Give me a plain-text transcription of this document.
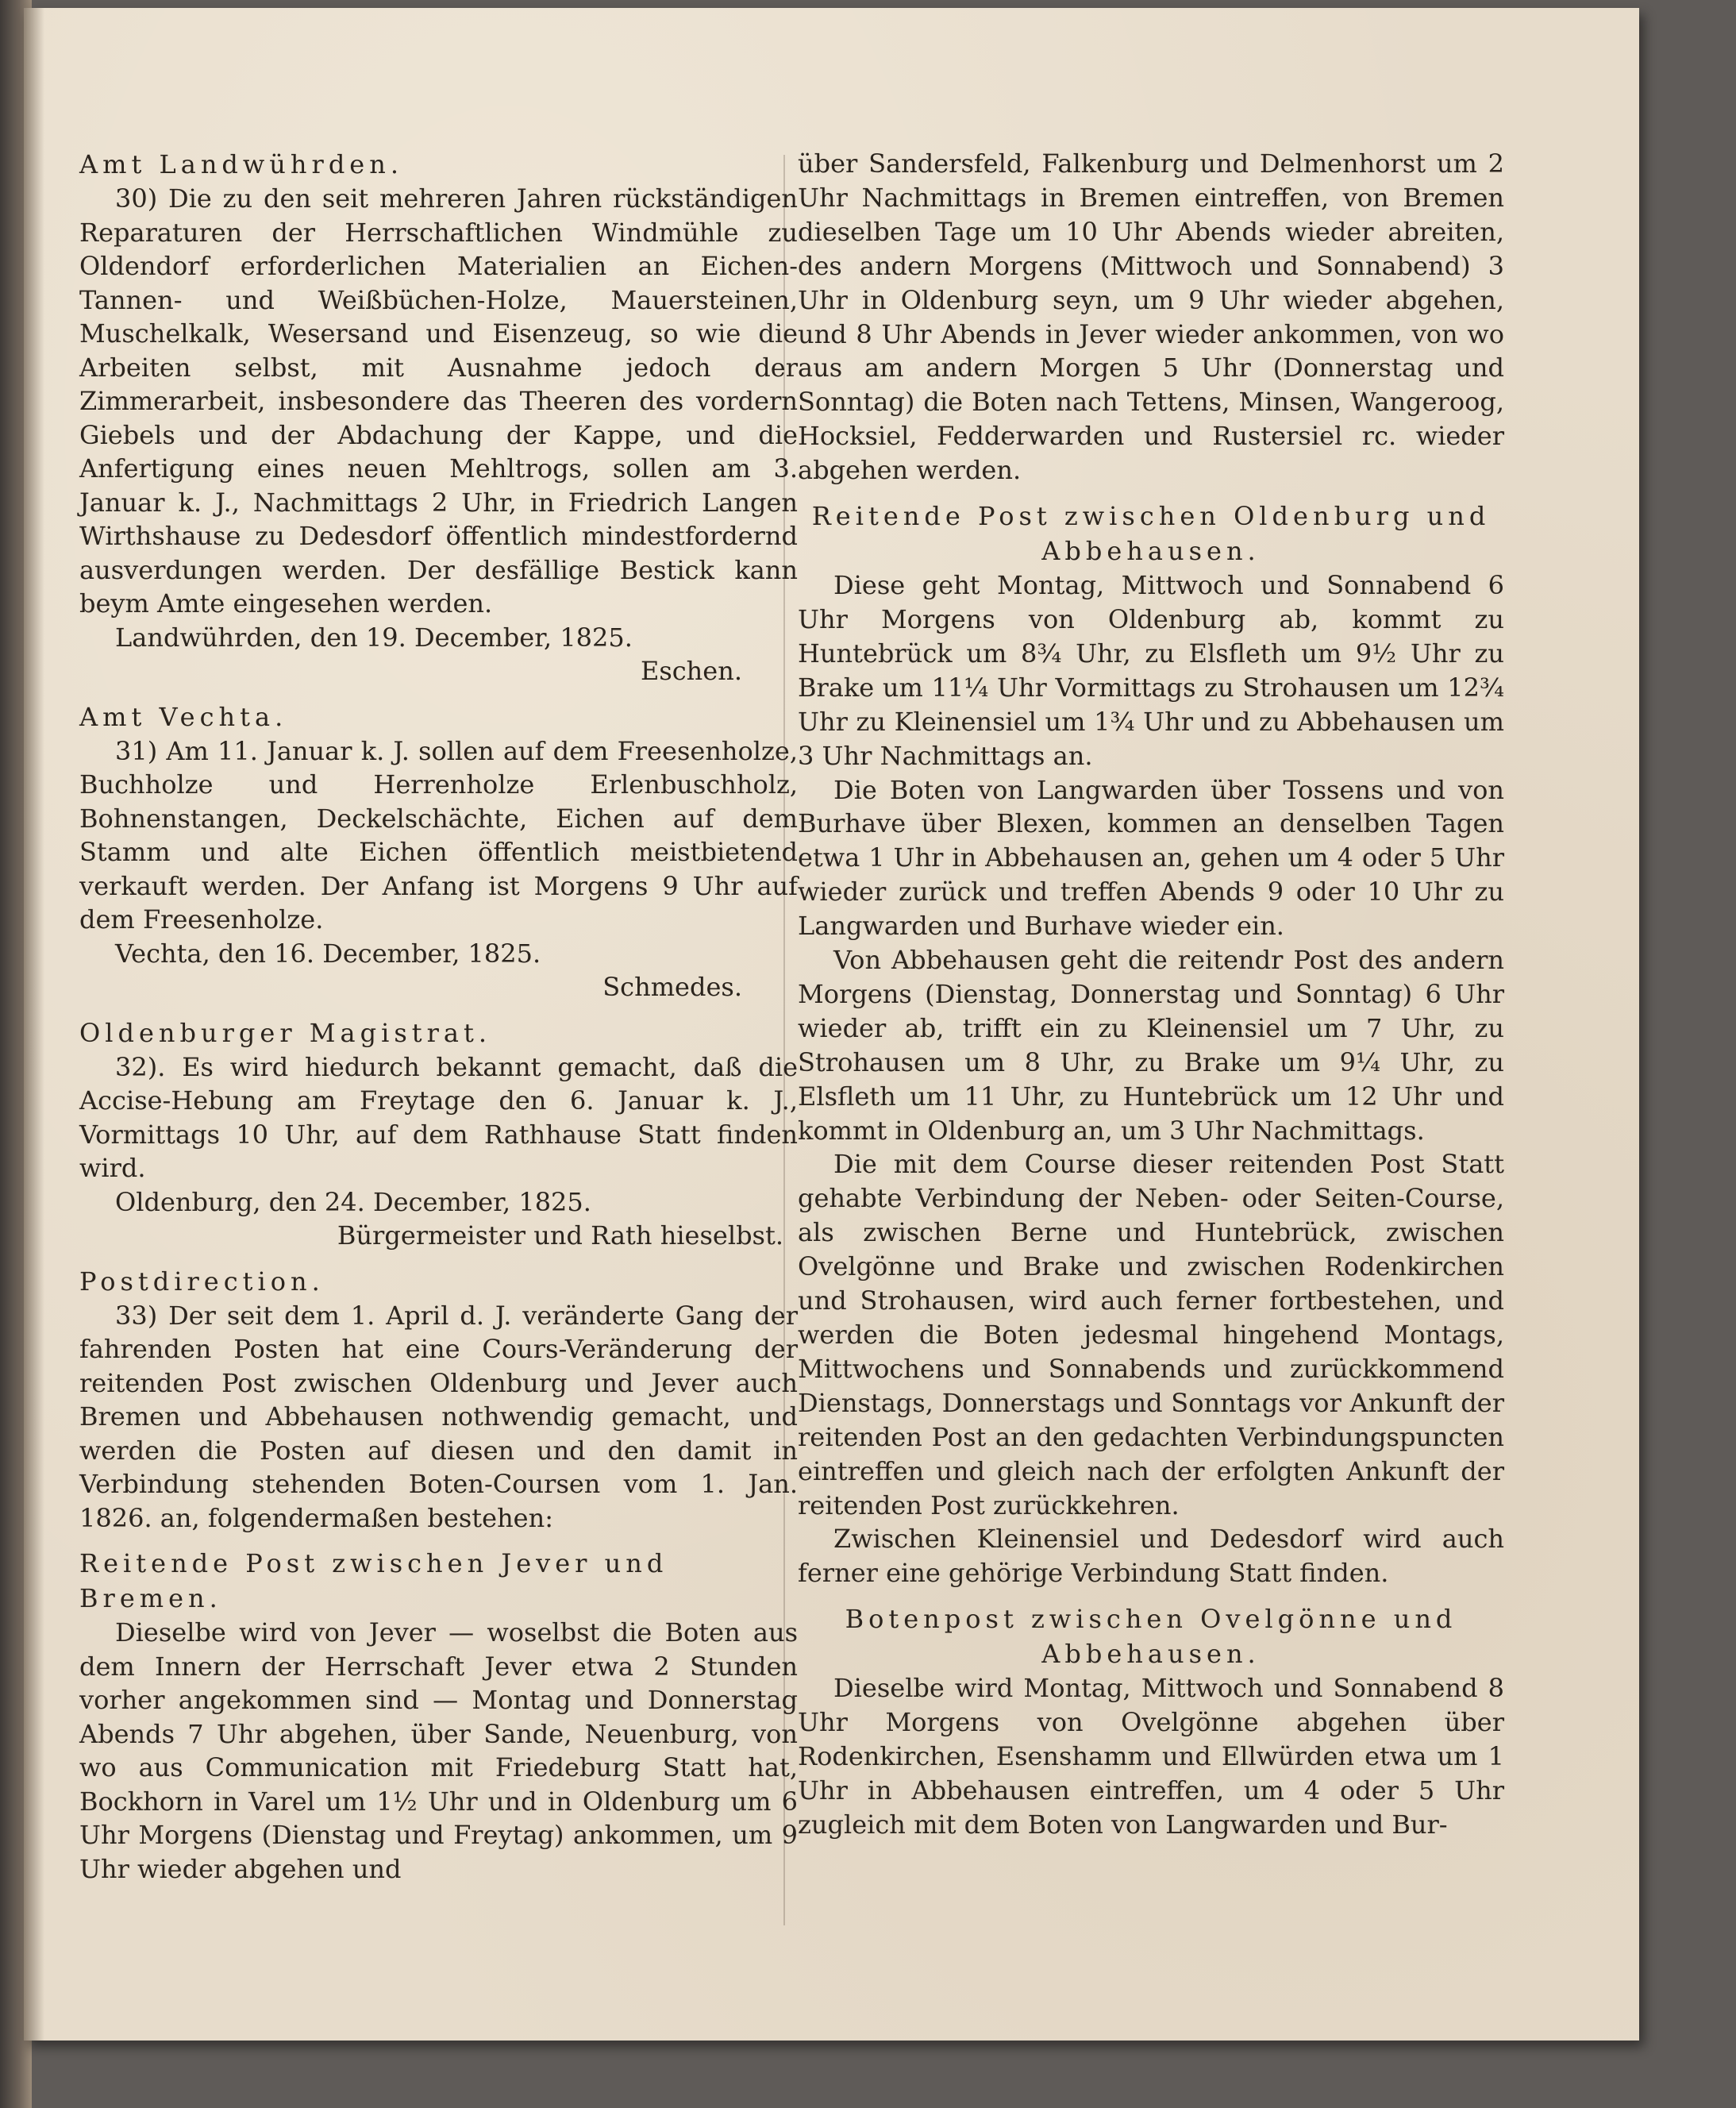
Amt Landwührden.

30) Die zu den seit mehreren Jahren rückständigen Reparaturen der Herrschaftlichen Windmühle zu Oldendorf erforderlichen Materialien an Eichen-Tannen- und Weißbüchen-Holze, Mauersteinen, Muschelkalk, Wesersand und Eisenzeug, so wie die Arbeiten selbst, mit Ausnahme jedoch der Zimmerarbeit, insbesondere das Theeren des vordern Giebels und der Abdachung der Kappe, und die Anfertigung eines neuen Mehltrogs, sollen am 3. Januar k. J., Nachmittags 2 Uhr, in Friedrich Langen Wirthshause zu Dedesdorf öffentlich mindestfordernd ausverdungen werden. Der desfällige Bestick kann beym Amte eingesehen werden.

Landwührden, den 19. December, 1825.

Eschen.

Amt Vechta.

31) Am 11. Januar k. J. sollen auf dem Freesenholze, Buchholze und Herrenholze Erlenbuschholz, Bohnenstangen, Deckelschächte, Eichen auf dem Stamm und alte Eichen öffentlich meistbietend verkauft werden. Der Anfang ist Morgens 9 Uhr auf dem Freesenholze.

Vechta, den 16. December, 1825.

Schmedes.

Oldenburger Magistrat.

32). Es wird hiedurch bekannt gemacht, daß die Accise-Hebung am Freytage den 6. Januar k. J., Vormittags 10 Uhr, auf dem Rathhause Statt finden wird.

Oldenburg, den 24. December, 1825.

Bürgermeister und Rath hieselbst.

Postdirection.

33) Der seit dem 1. April d. J. veränderte Gang der fahrenden Posten hat eine Cours-Veränderung der reitenden Post zwischen Oldenburg und Jever auch Bremen und Abbehausen nothwendig gemacht, und werden die Posten auf diesen und den damit in Verbindung stehenden Boten-Coursen vom 1. Jan. 1826. an, folgendermaßen bestehen:

Reitende Post zwischen Jever und Bremen.

Dieselbe wird von Jever — woselbst die Boten aus dem Innern der Herrschaft Jever etwa 2 Stunden vorher angekommen sind — Montag und Donnerstag Abends 7 Uhr abgehen, über Sande, Neuenburg, von wo aus Communication mit Friedeburg Statt hat, Bockhorn in Varel um 1½ Uhr und in Oldenburg um 6 Uhr Morgens (Dienstag und Freytag) ankommen, um 9 Uhr wieder abgehen und

über Sandersfeld, Falkenburg und Delmenhorst um 2 Uhr Nachmittags in Bremen eintreffen, von Bremen dieselben Tage um 10 Uhr Abends wieder abreiten, des andern Morgens (Mittwoch und Sonnabend) 3 Uhr in Oldenburg seyn, um 9 Uhr wieder abgehen, und 8 Uhr Abends in Jever wieder ankommen, von wo aus am andern Morgen 5 Uhr (Donnerstag und Sonntag) die Boten nach Tettens, Minsen, Wangeroog, Hocksiel, Fedderwarden und Rustersiel rc. wieder abgehen werden.

Reitende Post zwischen Oldenburg und Abbehausen.

Diese geht Montag, Mittwoch und Sonnabend 6 Uhr Morgens von Oldenburg ab, kommt zu Huntebrück um 8¾ Uhr, zu Elsfleth um 9½ Uhr zu Brake um 11¼ Uhr Vormittags zu Strohausen um 12¾ Uhr zu Kleinensiel um 1¾ Uhr und zu Abbehausen um 3 Uhr Nachmittags an.

Die Boten von Langwarden über Tossens und von Burhave über Blexen, kommen an denselben Tagen etwa 1 Uhr in Abbehausen an, gehen um 4 oder 5 Uhr wieder zurück und treffen Abends 9 oder 10 Uhr zu Langwarden und Burhave wieder ein.

Von Abbehausen geht die reitendr Post des andern Morgens (Dienstag, Donnerstag und Sonntag) 6 Uhr wieder ab, trifft ein zu Kleinensiel um 7 Uhr, zu Strohausen um 8 Uhr, zu Brake um 9¼ Uhr, zu Elsfleth um 11 Uhr, zu Huntebrück um 12 Uhr und kommt in Oldenburg an, um 3 Uhr Nachmittags.

Die mit dem Course dieser reitenden Post Statt gehabte Verbindung der Neben- oder Seiten-Course, als zwischen Berne und Huntebrück, zwischen Ovelgönne und Brake und zwischen Rodenkirchen und Strohausen, wird auch ferner fortbestehen, und werden die Boten jedesmal hingehend Montags, Mittwochens und Sonnabends und zurückkommend Dienstags, Donnerstags und Sonntags vor Ankunft der reitenden Post an den gedachten Verbindungspuncten eintreffen und gleich nach der erfolgten Ankunft der reitenden Post zurückkehren.

Zwischen Kleinensiel und Dedesdorf wird auch ferner eine gehörige Verbindung Statt finden.

Botenpost zwischen Ovelgönne und Abbehausen.

Dieselbe wird Montag, Mittwoch und Sonnabend 8 Uhr Morgens von Ovelgönne abgehen über Rodenkirchen, Esenshamm und Ellwürden etwa um 1 Uhr in Abbehausen eintreffen, um 4 oder 5 Uhr zugleich mit dem Boten von Langwarden und Bur-
